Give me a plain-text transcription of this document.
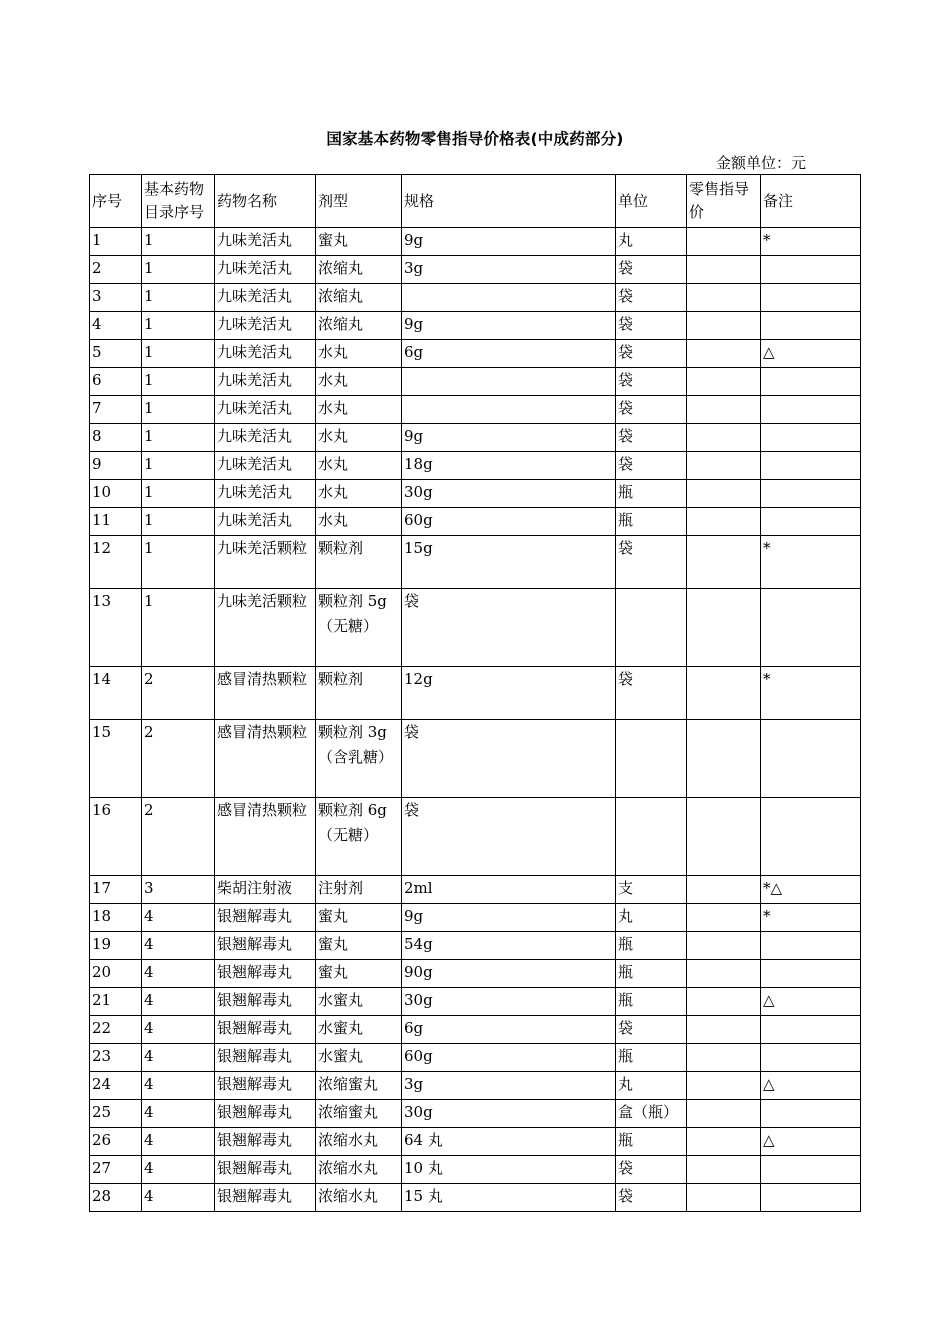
国家基本药物零售指导价格表(中成药部分)
金额单位：元
序号	基本药物目录序号	药物名称	剂型	规格	单位	零售指导价	备注
1	1	九味羌活丸	蜜丸	9g	丸		*
2	1	九味羌活丸	浓缩丸	3g	袋		
3	1	九味羌活丸	浓缩丸		袋		
4	1	九味羌活丸	浓缩丸	9g	袋		
5	1	九味羌活丸	水丸	6g	袋		△
6	1	九味羌活丸	水丸		袋		
7	1	九味羌活丸	水丸		袋		
8	1	九味羌活丸	水丸	9g	袋		
9	1	九味羌活丸	水丸	18g	袋		
10	1	九味羌活丸	水丸	30g	瓶		
11	1	九味羌活丸	水丸	60g	瓶		
12	1	九味羌活颗粒	颗粒剂	15g	袋		*
13	1	九味羌活颗粒	颗粒剂 5g（无糖）	袋			
14	2	感冒清热颗粒	颗粒剂	12g	袋		*
15	2	感冒清热颗粒	颗粒剂 3g（含乳糖）	袋			
16	2	感冒清热颗粒	颗粒剂 6g（无糖）	袋			
17	3	柴胡注射液	注射剂	2ml	支		*△
18	4	银翘解毒丸	蜜丸	9g	丸		*
19	4	银翘解毒丸	蜜丸	54g	瓶		
20	4	银翘解毒丸	蜜丸	90g	瓶		
21	4	银翘解毒丸	水蜜丸	30g	瓶		△
22	4	银翘解毒丸	水蜜丸	6g	袋		
23	4	银翘解毒丸	水蜜丸	60g	瓶		
24	4	银翘解毒丸	浓缩蜜丸	3g	丸		△
25	4	银翘解毒丸	浓缩蜜丸	30g	盒（瓶）		
26	4	银翘解毒丸	浓缩水丸	64 丸	瓶		△
27	4	银翘解毒丸	浓缩水丸	10 丸	袋		
28	4	银翘解毒丸	浓缩水丸	15 丸	袋		
